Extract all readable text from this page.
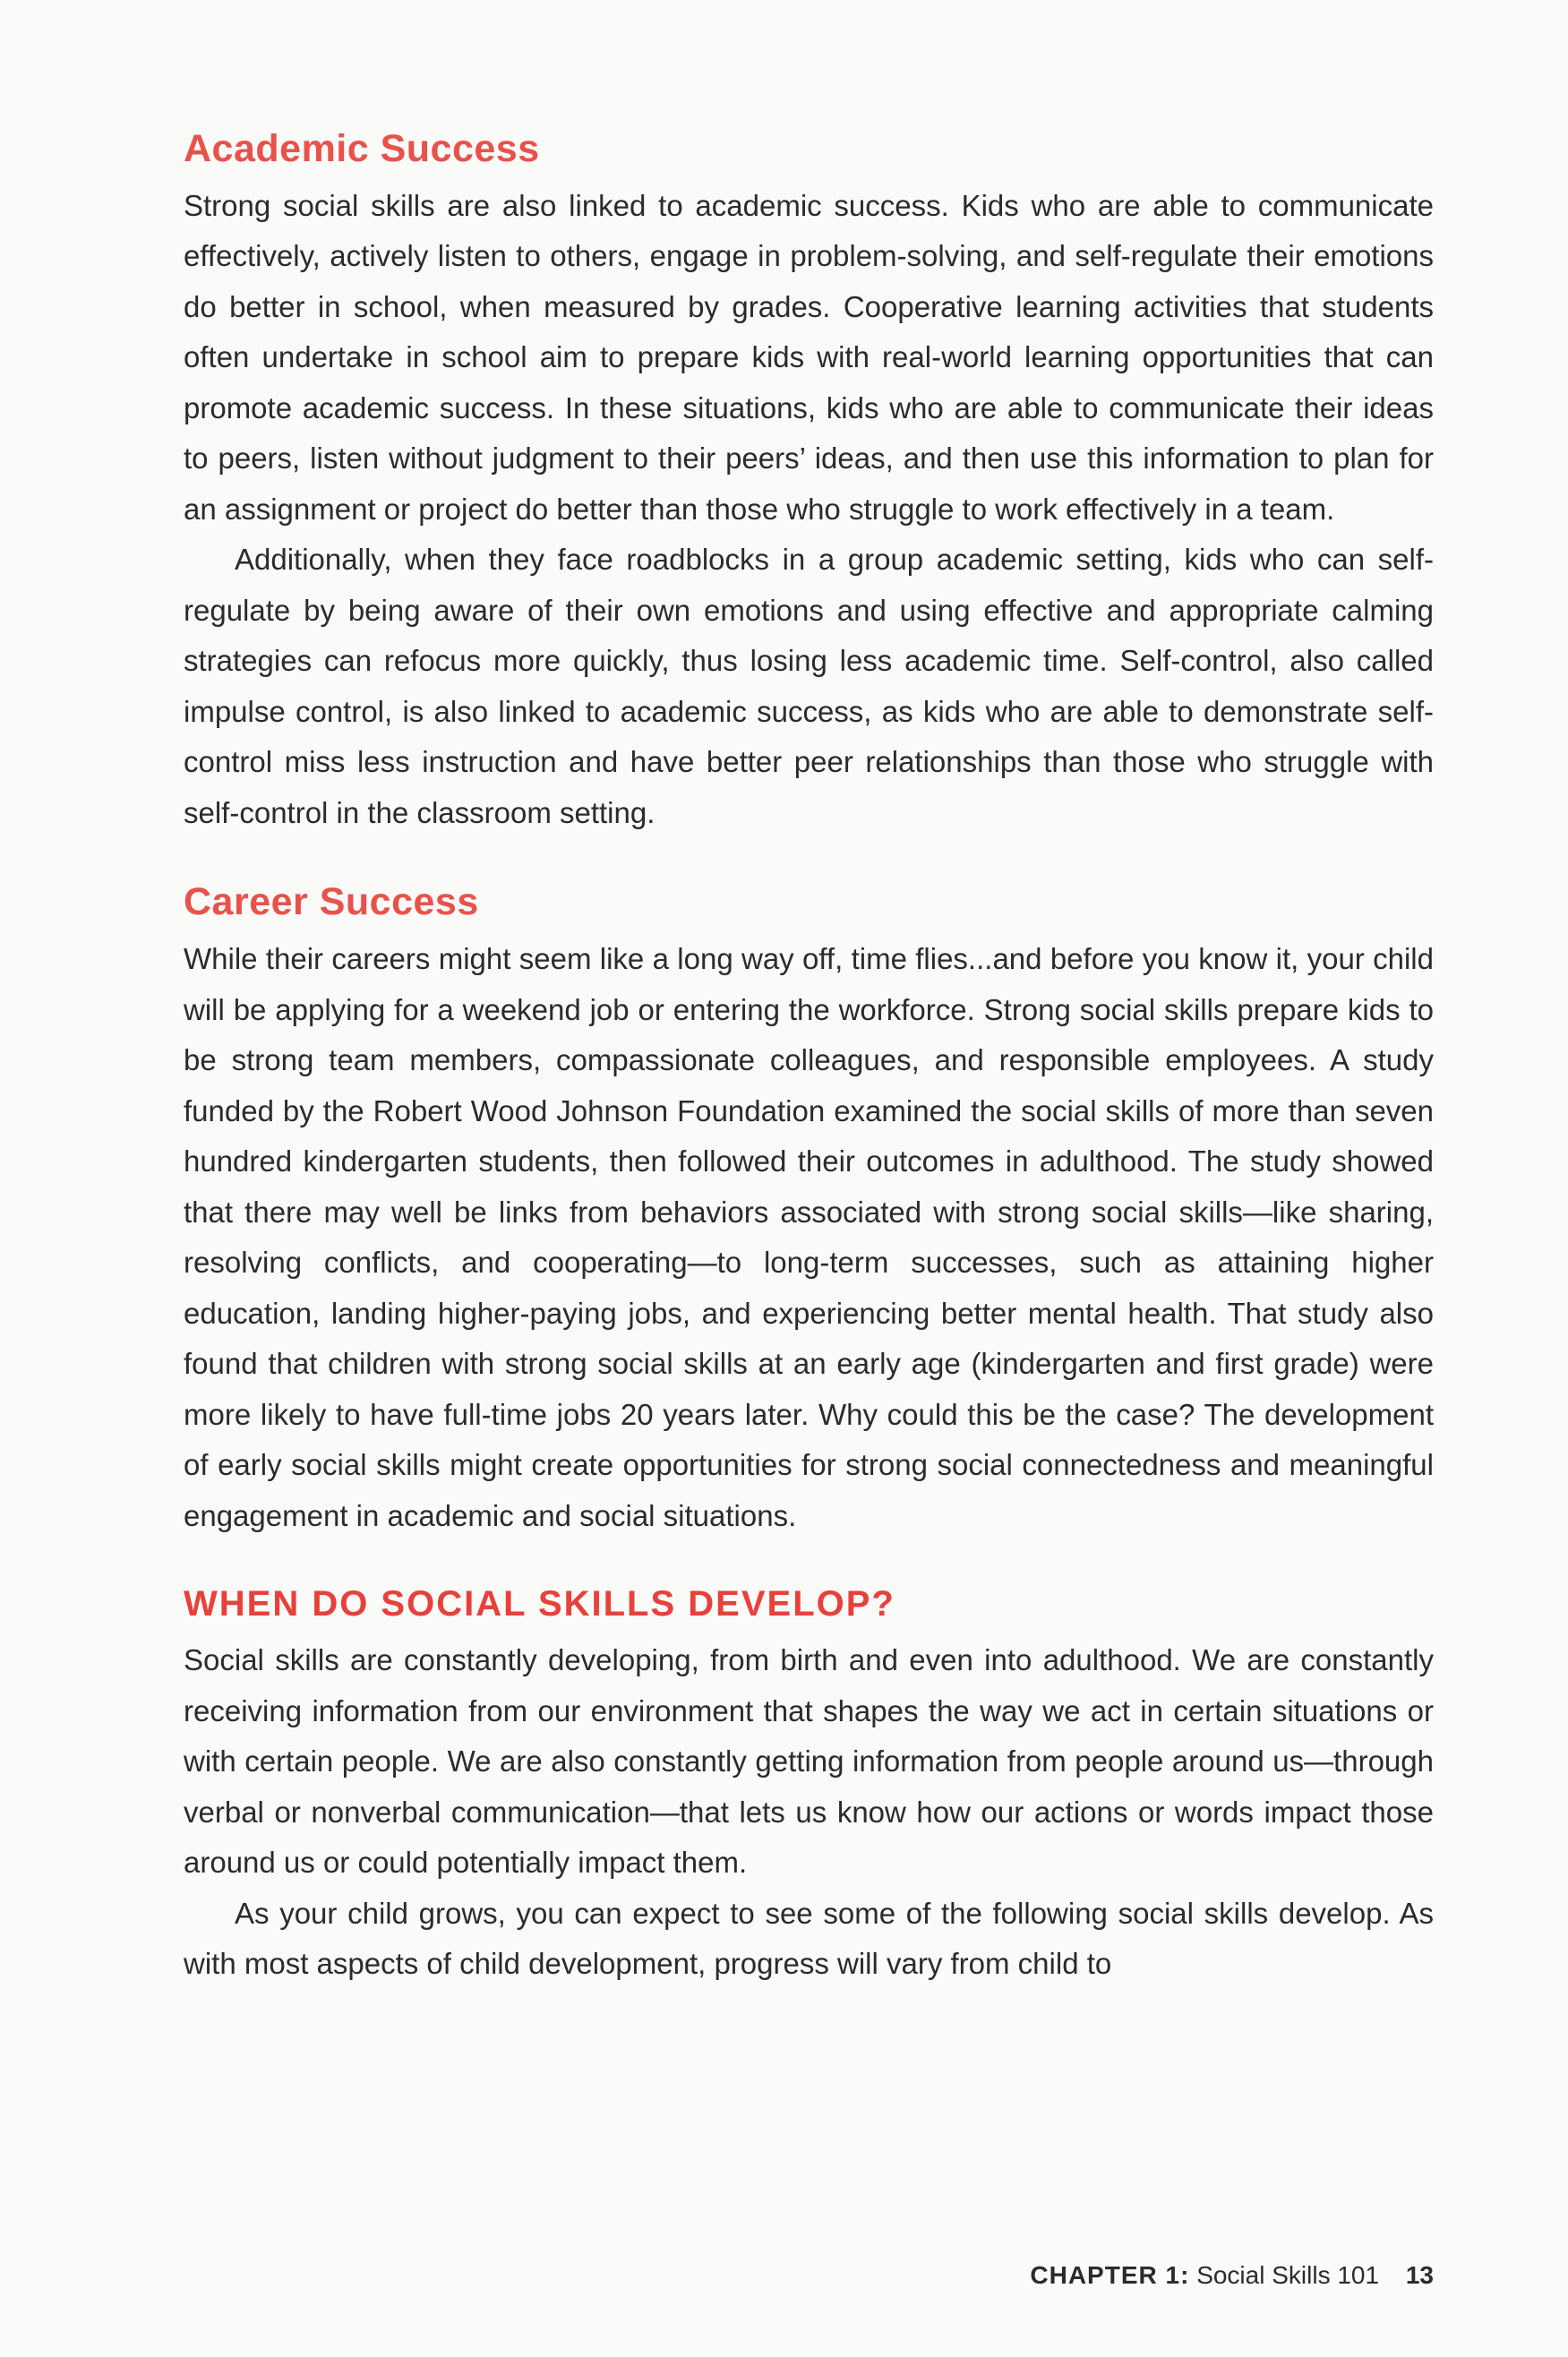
Academic Success

Strong social skills are also linked to academic success. Kids who are able to communicate effectively, actively listen to others, engage in problem-solving, and self-regulate their emotions do better in school, when measured by grades. Cooperative learning activities that students often undertake in school aim to prepare kids with real-world learning opportunities that can promote academic success. In these situations, kids who are able to communicate their ideas to peers, listen without judgment to their peers’ ideas, and then use this information to plan for an assignment or project do better than those who struggle to work effectively in a team.

Additionally, when they face roadblocks in a group academic setting, kids who can self-regulate by being aware of their own emotions and using effective and appropriate calming strategies can refocus more quickly, thus losing less academic time. Self-control, also called impulse control, is also linked to academic success, as kids who are able to demonstrate self-control miss less instruction and have better peer relationships than those who struggle with self-control in the classroom setting.

Career Success

While their careers might seem like a long way off, time flies...and before you know it, your child will be applying for a weekend job or entering the workforce. Strong social skills prepare kids to be strong team members, compassionate colleagues, and responsible employees. A study funded by the Robert Wood Johnson Foundation examined the social skills of more than seven hundred kindergarten students, then followed their outcomes in adulthood. The study showed that there may well be links from behaviors associated with strong social skills—like sharing, resolving conflicts, and cooperating—to long-term successes, such as attaining higher education, landing higher-paying jobs, and experiencing better mental health. That study also found that children with strong social skills at an early age (kindergarten and first grade) were more likely to have full-time jobs 20 years later. Why could this be the case? The development of early social skills might create opportunities for strong social connectedness and meaningful engagement in academic and social situations.

WHEN DO SOCIAL SKILLS DEVELOP?

Social skills are constantly developing, from birth and even into adulthood. We are constantly receiving information from our environment that shapes the way we act in certain situations or with certain people. We are also constantly getting information from people around us—through verbal or nonverbal communication—that lets us know how our actions or words impact those around us or could potentially impact them.

As your child grows, you can expect to see some of the following social skills develop. As with most aspects of child development, progress will vary from child to

CHAPTER 1: Social Skills 101 13
